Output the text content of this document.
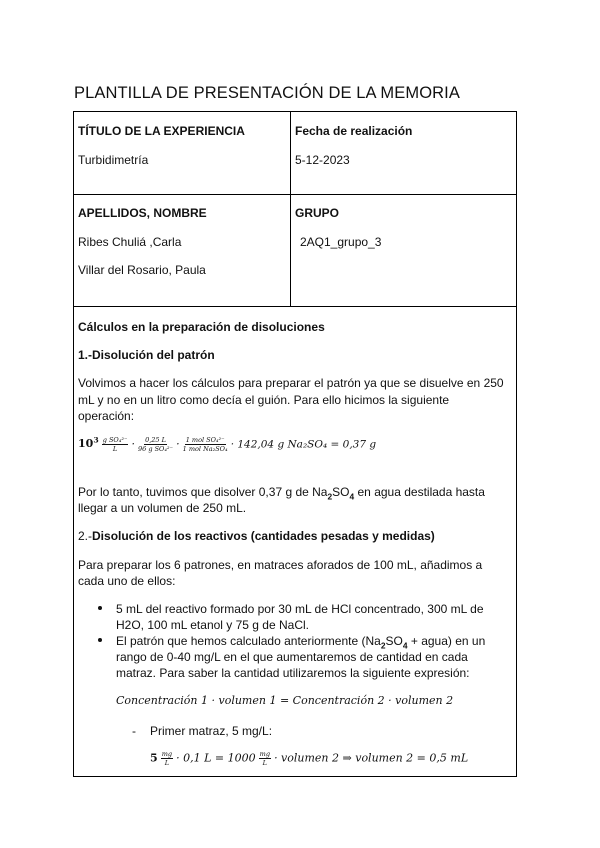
PLANTILLA DE PRESENTACIÓN DE LA MEMORIA
TÍTULO DE LA EXPERIENCIA
Turbidimetría
Fecha de realización
5-12-2023
APELLIDOS, NOMBRE
Ribes Chuliá ,Carla
Villar del Rosario, Paula
GRUPO
2AQ1_grupo_3
Cálculos en la preparación de disoluciones
1.-Disolución del patrón
Volvimos a hacer los cálculos para preparar el patrón ya que se disuelve en 250
mL y no en un litro como decía el guión. Para ello hicimos la siguiente
operación:
$10^3 \frac{\text{g SO₄²⁻}}{L} \cdot \frac{0,25 L}{\text{96 g SO₄²⁻}} \cdot \frac{\text{1 mol SO₄²⁻}}{\text{1 mol Na₂SO₄}} \cdot 142,04$ g Na₂SO₄ = 0,37 g
Por lo tanto, tuvimos que disolver 0,37 g de $Na_2SO_4$ en agua destilada hasta
llegar a un volumen de 250 mL.
2.-Disolución de los reactivos (cantidades pesadas y medidas)
Para preparar los 6 patrones, en matraces aforados de 100 mL, añadimos a
cada uno de ellos:
5 mL del reactivo formado por 30 mL de HCl concentrado, 300 mL de
H2O, 100 mL etanol y 75 g de NaCl.
El patrón que hemos calculado anteriormente ($Na_2SO_4$ + agua) en un
rango de 0-40 mg/L en el que aumentaremos de cantidad en cada
matraz. Para saber la cantidad utilizaremos la siguiente expresión:
Concentración 1 · volumen 1 = Concentración 2 · volumen 2
- Primer matraz, 5 mg/L:
$5 \frac{mg}{L} \cdot 0,1$ $L = 1000 \frac{mg}{L}$ · volumen 2 ⇒ volumen 2 = 0,5 mL
